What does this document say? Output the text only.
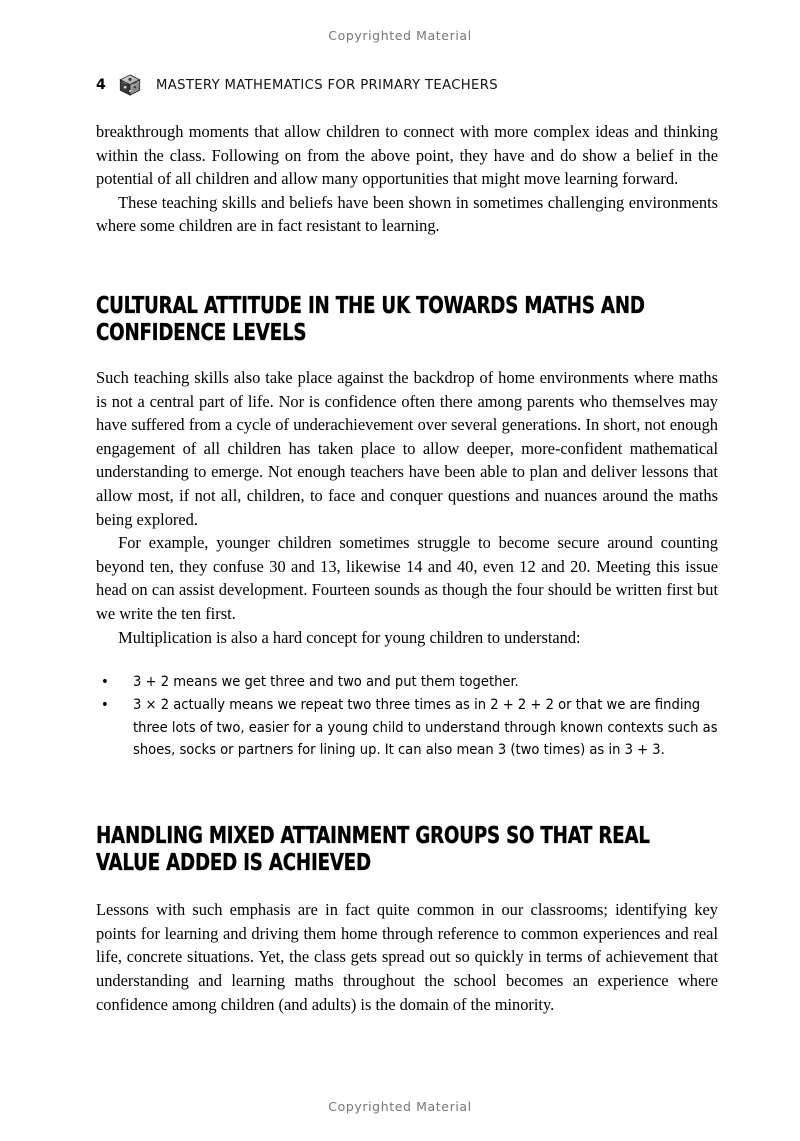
Copyrighted Material
4	MASTERY MATHEMATICS FOR PRIMARY TEACHERS

breakthrough moments that allow children to connect with more complex ideas and thinking within the class. Following on from the above point, they have and do show a belief in the potential of all children and allow many opportunities that might move learning forward.

These teaching skills and beliefs have been shown in sometimes challenging environments where some children are in fact resistant to learning.

CULTURAL ATTITUDE IN THE UK TOWARDS MATHS AND CONFIDENCE LEVELS

Such teaching skills also take place against the backdrop of home environments where maths is not a central part of life. Nor is confidence often there among parents who themselves may have suffered from a cycle of underachievement over several generations. In short, not enough engagement of all children has taken place to allow deeper, more-confident mathematical understanding to emerge. Not enough teachers have been able to plan and deliver lessons that allow most, if not all, children, to face and conquer questions and nuances around the maths being explored.

For example, younger children sometimes struggle to become secure around counting beyond ten, they confuse 30 and 13, likewise 14 and 40, even 12 and 20. Meeting this issue head on can assist development. Fourteen sounds as though the four should be written first but we write the ten first.

Multiplication is also a hard concept for young children to understand:

• 3 + 2 means we get three and two and put them together.
• 3 × 2 actually means we repeat two three times as in 2 + 2 + 2 or that we are finding three lots of two, easier for a young child to understand through known contexts such as shoes, socks or partners for lining up. It can also mean 3 (two times) as in 3 + 3.
HANDLING MIXED ATTAINMENT GROUPS SO THAT REAL VALUE ADDED IS ACHIEVED

Lessons with such emphasis are in fact quite common in our classrooms; identifying key points for learning and driving them home through reference to common experiences and real life, concrete situations. Yet, the class gets spread out so quickly in terms of achievement that understanding and learning maths throughout the school becomes an experience where confidence among children (and adults) is the domain of the minority.

Copyrighted Material
